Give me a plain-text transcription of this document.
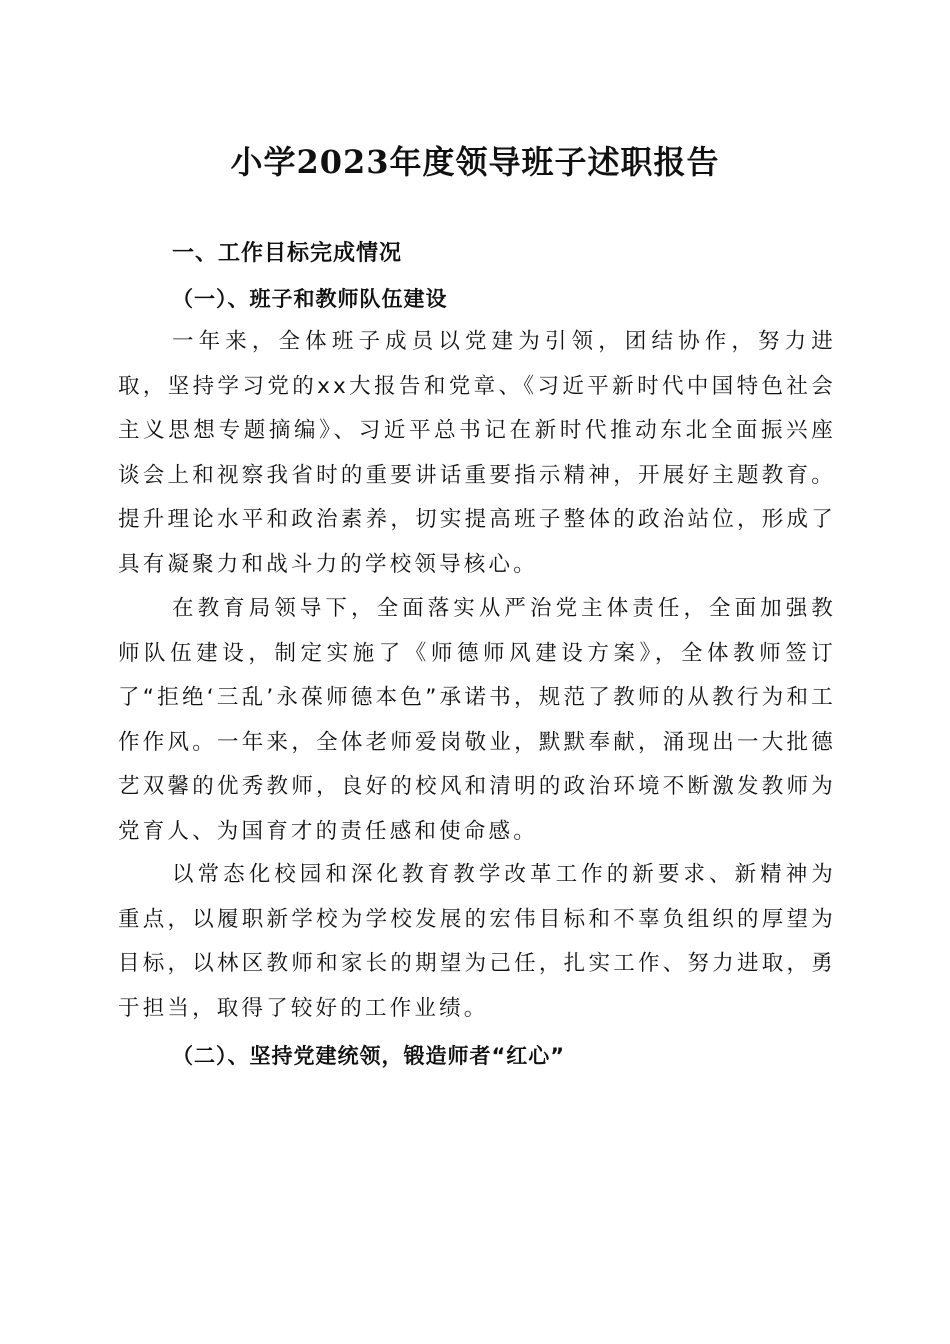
小学2023年度领导班子述职报告
一、工作目标完成情况
（一）、班子和教师队伍建设

一年来，全体班子成员以党建为引领，团结协作，努力进取，坚持学习党的xx大报告和党章、《习近平新时代中国特色社会主义思想专题摘编》、习近平总书记在新时代推动东北全面振兴座谈会上和视察我省时的重要讲话重要指示精神，开展好主题教育。提升理论水平和政治素养，切实提高班子整体的政治站位，形成了具有凝聚力和战斗力的学校领导核心。

在教育局领导下，全面落实从严治党主体责任，全面加强教师队伍建设，制定实施了《师德师风建设方案》，全体教师签订了“拒绝‘三乱’永葆师德本色”承诺书，规范了教师的从教行为和工作作风。一年来，全体老师爱岗敬业，默默奉献，涌现出一大批德艺双馨的优秀教师，良好的校风和清明的政治环境不断激发教师为党育人、为国育才的责任感和使命感。

以常态化校园和深化教育教学改革工作的新要求、新精神为重点，以履职新学校为学校发展的宏伟目标和不辜负组织的厚望为目标，以林区教师和家长的期望为己任，扎实工作、努力进取，勇于担当，取得了较好的工作业绩。

（二）、坚持党建统领，锻造师者“红心”
